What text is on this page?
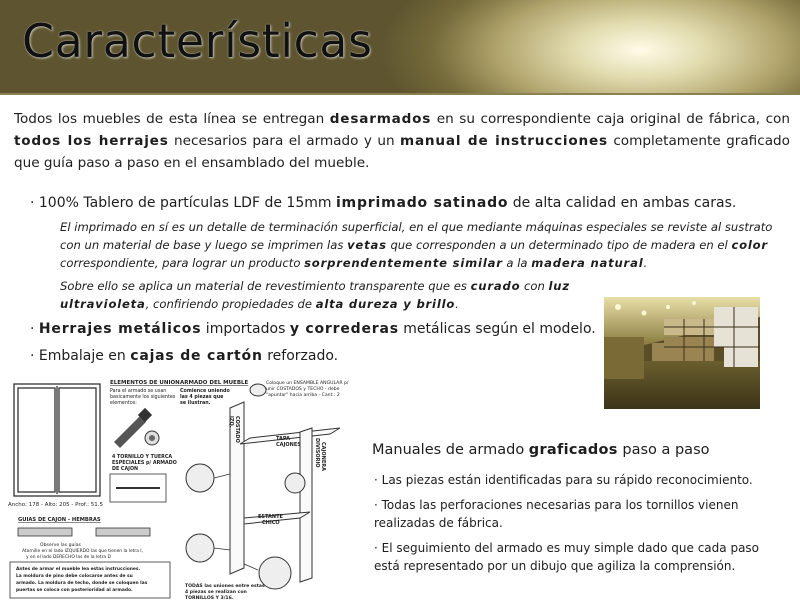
Características

Todos los muebles de esta línea se entregan desarmados en su correspondiente caja original de fábrica, con todos los herrajes necesarios para el armado y un manual de instrucciones completamente graficado que guía paso a paso en el ensamblado del mueble.

· 100% Tablero de partículas LDF de 15mm imprimado satinado de alta calidad en ambas caras.

El imprimado en sí es un detalle de terminación superficial, en el que mediante máquinas especiales se reviste al sustrato con un material de base y luego se imprimen las vetas que corresponden a un determinado tipo de madera en el color correspondiente, para lograr un producto sorprendentemente similar a la madera natural.

Sobre ello se aplica un material de revestimiento transparente que es curado con luz ultravioleta, confiriendo propiedades de alta dureza y brillo.

· Herrajes metálicos importados y correderas metálicas según el modelo.

· Embalaje en cajas de cartón reforzado.

Ancho: 178 - Alto: 205 - Prof.: 51.5
ELEMENTOS DE UNION
Para el armado se usan
basicamente los siguientes
elementos:
4 TORNILLO Y TUERCA
ESPECIALES p/ ARMADO
DE CAJON
ARMADO DEL MUEBLE
Comience uniendo
las 4 piezas que
se ilustran.
Coloque un ENSAMBLE ANGULAR p/
unir COSTADOS y TECHO - debe
"apuntar" hacia arriba - Cant.: 2
COSTADO
IZQ.
TAPA
CAJONES	DIVISORIO CAJONERA
ESTANTE
CHICO
TODAS las uniones entre estas
4 piezas se realizan con
TORNILLOS Y 3/16.
GUIAS DE CAJON - HEMBRAS
Observe las guías
Atornille en el lado IZQUIERDO las que tienen la letra I,
y en el lado DERECHO las de la letra D
Antes de armar el mueble lea estas instrucciones.
La moldura de pino debe colocarse antes de su
armado. La moldura de techo, donde se coloquen las
puertas se coloca con posterioridad al armado.

Manuales de armado graficados paso a paso

· Las piezas están identificadas para su rápido reconocimiento.

· Todas las perforaciones necesarias para los tornillos vienen realizadas de fábrica.

· El seguimiento del armado es muy simple dado que cada paso está representado por un dibujo que agiliza la comprensión.
